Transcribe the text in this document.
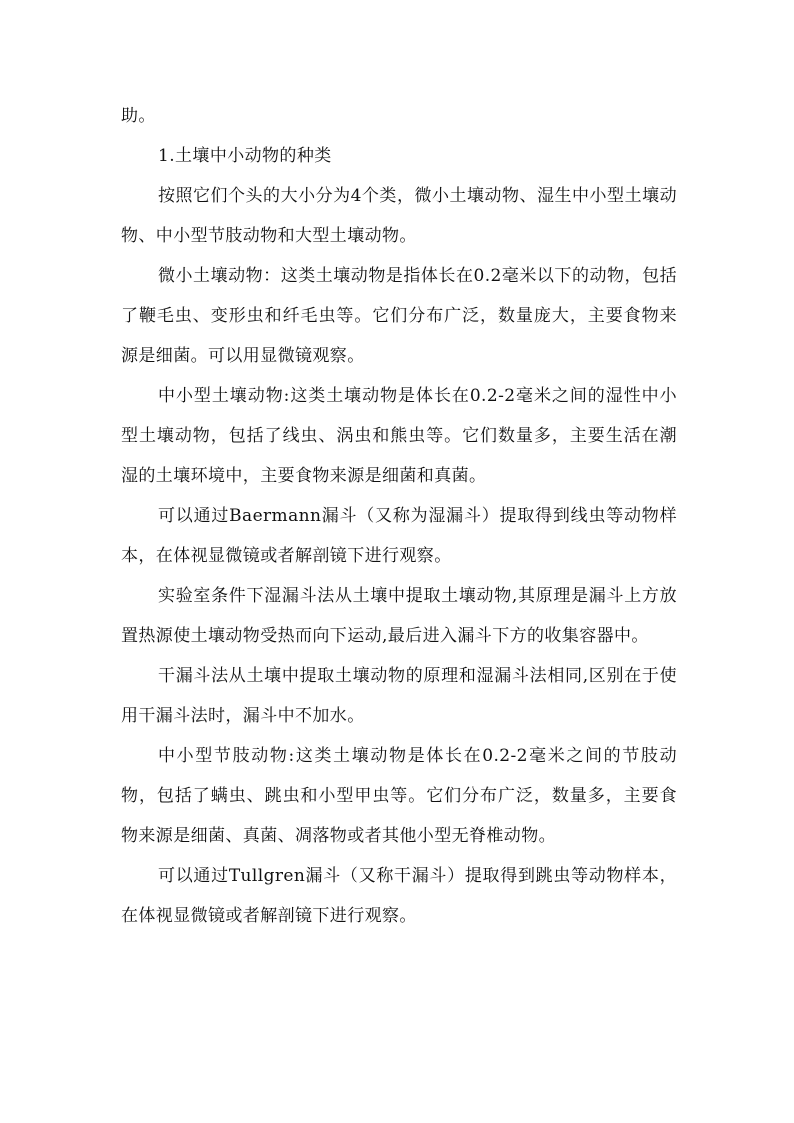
助。

1.土壤中小动物的种类

按照它们个头的大小分为4个类，微小土壤动物、湿生中小型土壤动物、中小型节肢动物和大型土壤动物。

微小土壤动物：这类土壤动物是指体长在0.2毫米以下的动物，包括了鞭毛虫、变形虫和纤毛虫等。它们分布广泛，数量庞大，主要食物来源是细菌。可以用显微镜观察。

中小型土壤动物:这类土壤动物是体长在0.2-2毫米之间的湿性中小型土壤动物，包括了线虫、涡虫和熊虫等。它们数量多，主要生活在潮湿的土壤环境中，主要食物来源是细菌和真菌。

可以通过Baermann漏斗（又称为湿漏斗）提取得到线虫等动物样本，在体视显微镜或者解剖镜下进行观察。

实验室条件下湿漏斗法从土壤中提取土壤动物,其原理是漏斗上方放置热源使土壤动物受热而向下运动,最后进入漏斗下方的收集容器中。

干漏斗法从土壤中提取土壤动物的原理和湿漏斗法相同,区别在于使用干漏斗法时，漏斗中不加水。

中小型节肢动物:这类土壤动物是体长在0.2-2毫米之间的节肢动物，包括了螨虫、跳虫和小型甲虫等。它们分布广泛，数量多，主要食物来源是细菌、真菌、凋落物或者其他小型无脊椎动物。

可以通过Tullgren漏斗（又称干漏斗）提取得到跳虫等动物样本，在体视显微镜或者解剖镜下进行观察。
